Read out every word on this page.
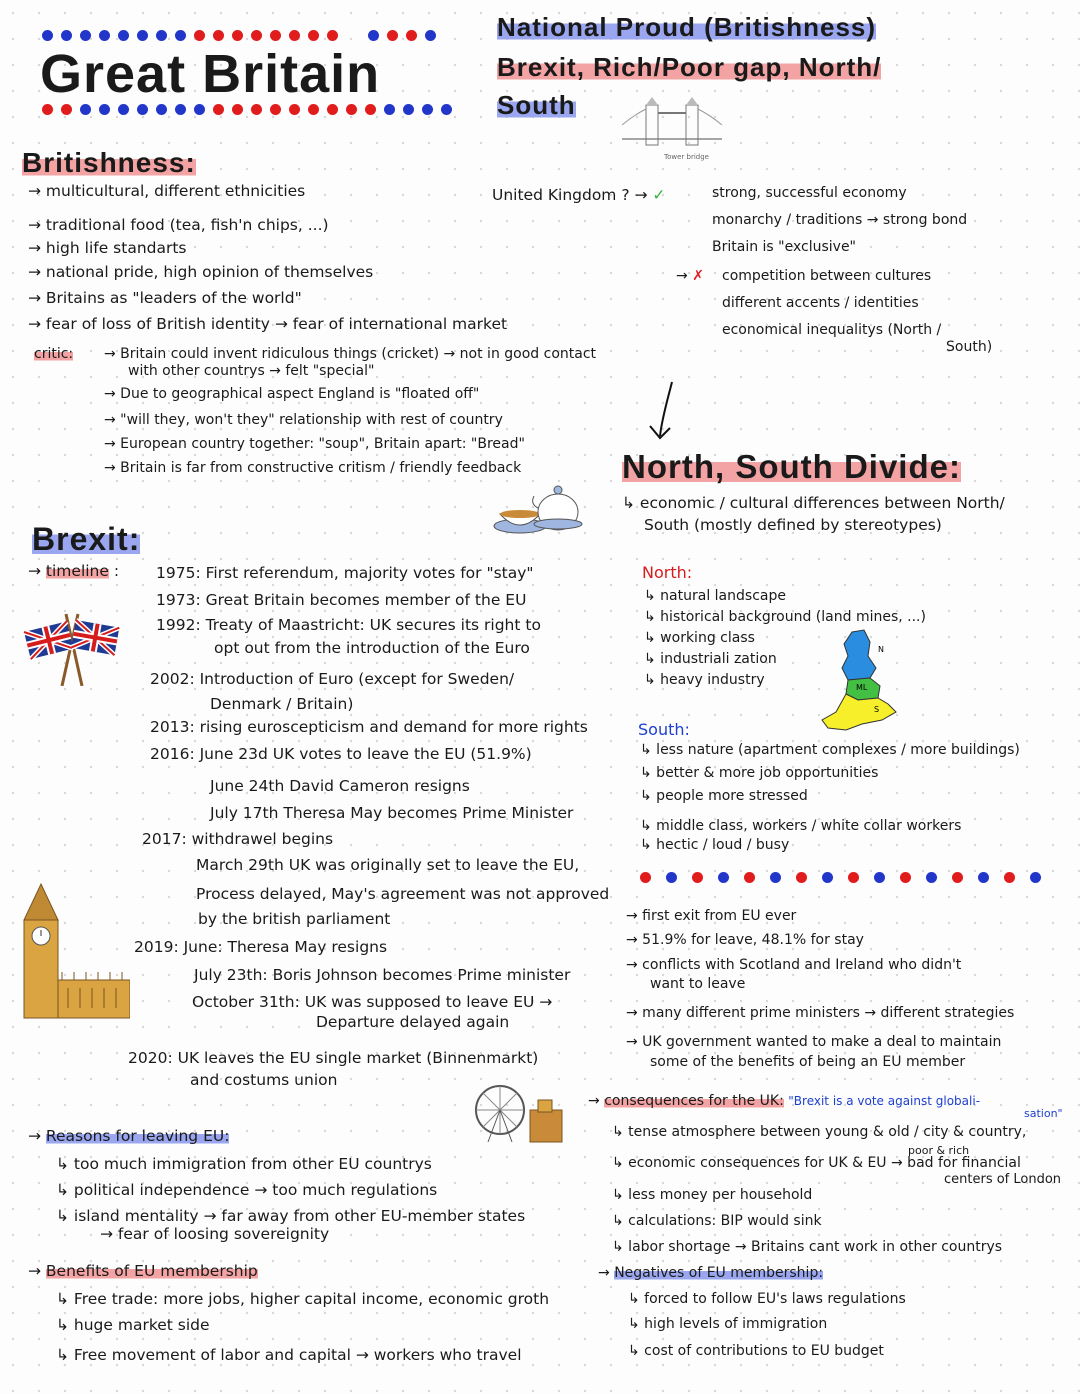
Great Britain
National Proud (Britishness)
Brexit, Rich/Poor gap, North/
South
Tower bridge
Britishness:
→ multicultural, different ethnicities
→ traditional food (tea, fish'n chips, ...)
→ high life standarts
→ national pride, high opinion of themselves
→ Britains as "leaders of the world"
→ fear of loss of British identity → fear of international market
critic: → Britain could invent ridiculous things (cricket) → not in good contact
with other countrys → felt "special"
→ Due to geographical aspect England is "floated off"
→ "will they, won't they" relationship with rest of country
→ European country together: "soup", Britain apart: "Bread"
→ Britain is far from constructive critism / friendly feedback
United Kingdom ? → ✓	strong, successful economy
monarchy / traditions → strong bond
Britain is "exclusive"
→ ✗ competition between cultures
different accents / identities
economical inequalitys (North /
South)
Brexit:
→ timeline : 1975: First referendum, majority votes for "stay"
1973: Great Britain becomes member of the EU
1992: Treaty of Maastricht: UK secures its right to
opt out from the introduction of the Euro
2002: Introduction of Euro (except for Sweden/
Denmark / Britain)
2013: rising euroscepticism and demand for more rights
2016: June 23d UK votes to leave the EU (51.9%)
June 24th David Cameron resigns
July 17th Theresa May becomes Prime Minister
2017: withdrawel begins
March 29th UK was originally set to leave the EU,
Process delayed, May's agreement was not approved
by the british parliament
2019: June: Theresa May resigns
July 23th: Boris Johnson becomes Prime minister
October 31th: UK was supposed to leave EU →
Departure delayed again
2020: UK leaves the EU single market (Binnenmarkt)
and costums union
→ Reasons for leaving EU:
↳ too much immigration from other EU countrys
↳ political independence → too much regulations
↳ island mentality → far away from other EU-member states
→ fear of loosing sovereignity
→ Benefits of EU membership
↳ Free trade: more jobs, higher capital income, economic groth
↳ huge market side
↳ Free movement of labor and capital → workers who travel
North, South Divide:
↳ economic / cultural differences between North/
South (mostly defined by stereotypes)
North:
↳ natural landscape
↳ historical background (land mines, ...)
↳ working class
↳ industriali zation
↳ heavy industry
N
ML
S
South:
↳ less nature (apartment complexes / more buildings)
↳ better & more job opportunities
↳ people more stressed
↳ middle class, workers / white collar workers
↳ hectic / loud / busy
→ first exit from EU ever
→ 51.9% for leave, 48.1% for stay
→ conflicts with Scotland and Ireland who didn't
want to leave
→ many different prime ministers → different strategies
→ UK government wanted to make a deal to maintain
some of the benefits of being an EU member
→ consequences for the UK: "Brexit is a vote against globali-
sation"
↳ tense atmosphere between young & old / city & country,
↳ economic consequences for UK & EU → bad for financial
centers of London
↳ less money per household
↳ calculations: BIP would sink
↳ labor shortage → Britains cant work in other countrys
poor & rich
→ Negatives of EU membership:
↳ forced to follow EU's laws regulations
↳ high levels of immigration
↳ cost of contributions to EU budget
